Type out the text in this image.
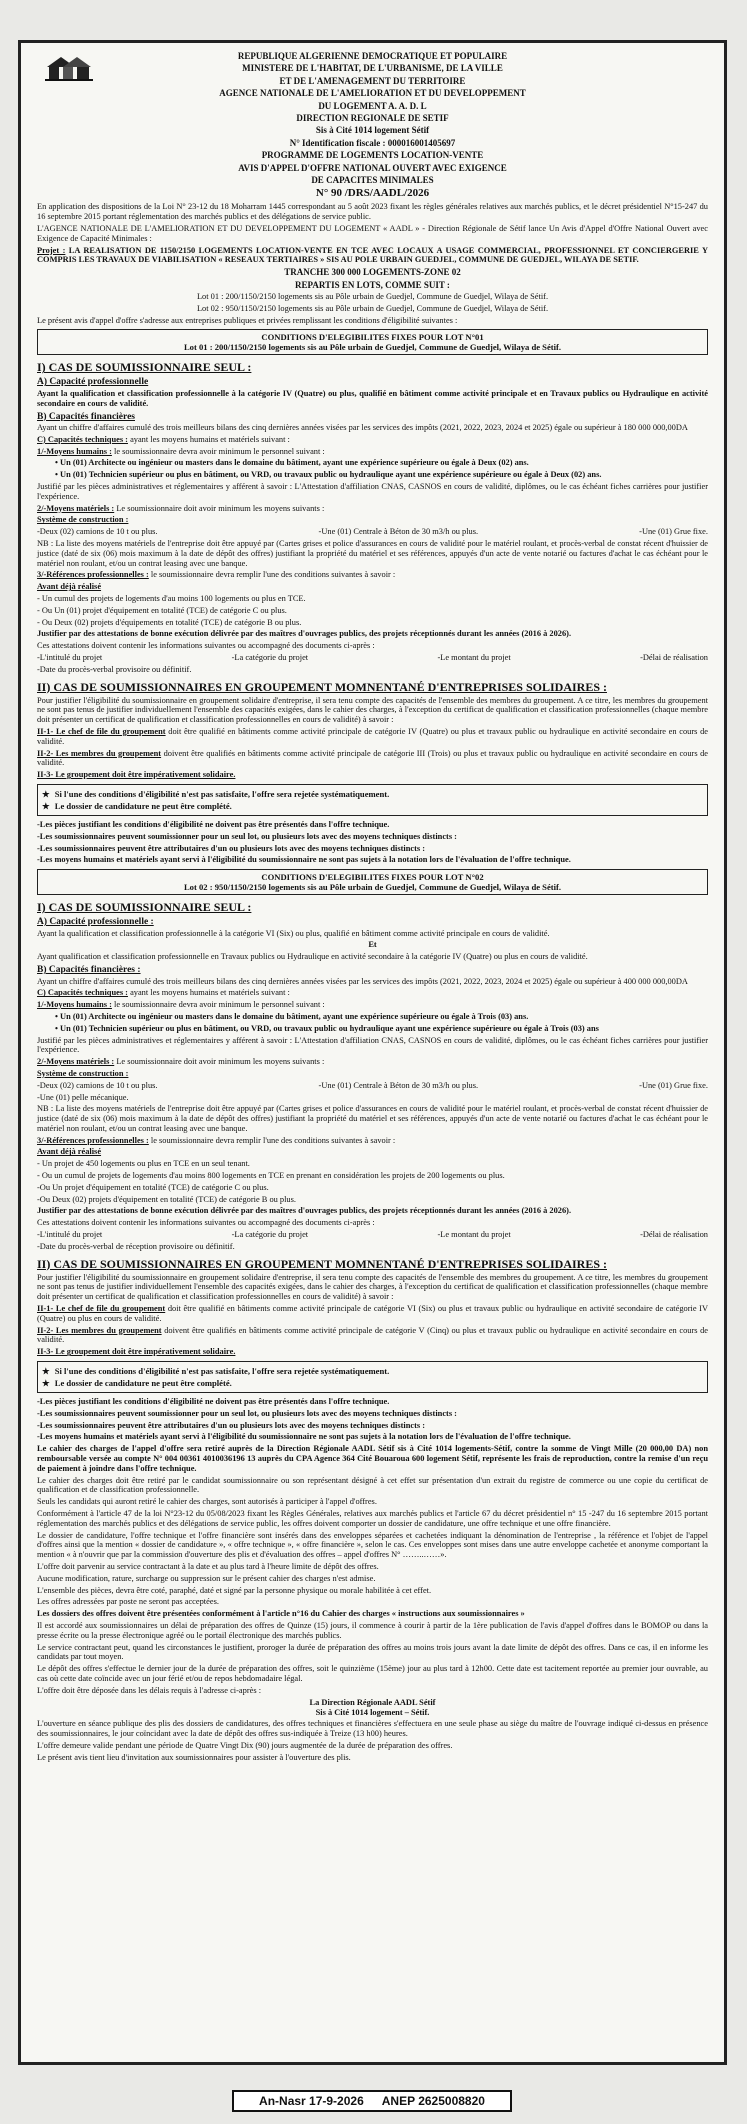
REPUBLIQUE ALGERIENNE DEMOCRATIQUE ET POPULAIRE
MINISTERE DE L'HABITAT, DE L'URBANISME, DE LA VILLE
ET DE L'AMENAGEMENT DU TERRITOIRE
AGENCE NATIONALE DE L'AMELIORATION ET DU DEVELOPPEMENT
DU LOGEMENT A. A. D. L
DIRECTION REGIONALE DE SETIF
Sis à Cité 1014 logement Sétif
N° Identification fiscale : 000016001405697
PROGRAMME DE LOGEMENTS LOCATION-VENTE
AVIS D'APPEL D'OFFRE NATIONAL OUVERT AVEC EXIGENCE
DE CAPACITES MINIMALES
N° 90 /DRS/AADL/2026
En application des dispositions de la Loi N° 23-12 du 18 Moharram 1445 correspondant au 5 août 2023 fixant les règles générales relatives aux marchés publics, et le décret présidentiel N°15-247 du 16 septembre 2015 portant réglementation des marchés publics et des délégations de service public.
L'AGENCE NATIONALE DE L'AMELIORATION ET DU DEVELOPPEMENT DU LOGEMENT « AADL » - Direction Régionale de Sétif lance Un Avis d'Appel d'Offre National Ouvert avec Exigence de Capacité Minimales :
Projet : LA REALISATION DE 1150/2150 LOGEMENTS LOCATION-VENTE EN TCE AVEC LOCAUX A USAGE COMMERCIAL, PROFESSIONNEL ET CONCIERGERIE Y COMPRIS LES TRAVAUX DE VIABILISATION « RESEAUX TERTIAIRES » SIS AU POLE URBAIN GUEDJEL, COMMUNE DE GUEDJEL, WILAYA DE SETIF.
TRANCHE 300 000 LOGEMENTS-ZONE 02
REPARTIS EN LOTS, COMME SUIT :
Lot 01 : 200/1150/2150 logements sis au Pôle urbain de Guedjel, Commune de Guedjel, Wilaya de Sétif.
Lot 02 : 950/1150/2150 logements sis au Pôle urbain de Guedjel, Commune de Guedjel, Wilaya de Sétif.
Le présent avis d'appel d'offre s'adresse aux entreprises publiques et privées remplissant les conditions d'éligibilité suivantes :
CONDITIONS D'ELEGIBILITES FIXES POUR LOT N°01
Lot 01 : 200/1150/2150 logements sis au Pôle urbain de Guedjel, Commune de Guedjel, Wilaya de Sétif.
I) CAS DE SOUMISSIONNAIRE SEUL :
A) Capacité professionnelle
Ayant la qualification et classification professionnelle à la catégorie IV (Quatre) ou plus, qualifié en bâtiment comme activité principale et en Travaux publics ou Hydraulique en activité secondaire en cours de validité.
B) Capacités financières
Ayant un chiffre d'affaires cumulé des trois meilleurs bilans des cinq dernières années visées par les services des impôts (2021, 2022, 2023, 2024 et 2025) égale ou supérieur à 180 000 000,00DA
C) Capacités techniques : ayant les moyens humains et matériels suivant :
1/-Moyens humains : le soumissionnaire devra avoir minimum le personnel suivant :
• Un (01) Architecte ou ingénieur ou masters dans le domaine du bâtiment, ayant une expérience supérieure ou égale à Deux (02) ans.
• Un (01) Technicien supérieur ou plus en bâtiment, ou VRD, ou travaux public ou hydraulique ayant une expérience supérieure ou égale à Deux (02) ans.
Justifié par les pièces administratives et réglementaires y afférent à savoir : L'Attestation d'affiliation CNAS, CASNOS en cours de validité, diplômes, ou le cas échéant fiches carrières pour justifier l'expérience.
2/-Moyens matériels : Le soumissionnaire doit avoir minimum les moyens suivants :
Système de construction :
-Deux (02) camions de 10 t ou plus.	-Une (01) Centrale à Béton de 30 m3/h ou plus.	-Une (01) Grue fixe.
NB : La liste des moyens matériels de l'entreprise doit être appuyé par (Cartes grises et police d'assurances en cours de validité pour le matériel roulant, et procès-verbal de constat récent d'huissier de justice (daté de six (06) mois maximum à la date de dépôt des offres) justifiant la propriété du matériel et ses références, appuyés d'un acte de vente notarié ou factures d'achat le cas échéant pour le matériel non roulant, et/ou un contrat leasing avec une banque.
3/-Références professionnelles : le soumissionnaire devra remplir l'une des conditions suivantes à savoir :
Avant déjà réalisé
- Un cumul des projets de logements d'au moins 100 logements ou plus en TCE.
- Ou Un (01) projet d'équipement en totalité (TCE) de catégorie C ou plus.
- Ou Deux (02) projets d'équipements en totalité (TCE) de catégorie B ou plus.
Justifier par des attestations de bonne exécution délivrée par des maîtres d'ouvrages publics, des projets réceptionnés durant les années (2016 à 2026).
Ces attestations doivent contenir les informations suivantes ou accompagné des documents ci-après :
-L'intitulé du projet	-La catégorie du projet	-Le montant du projet	-Délai de réalisation
-Date du procès-verbal provisoire ou définitif.
II) CAS DE SOUMISSIONNAIRES EN GROUPEMENT MOMNENTANÉ D'ENTREPRISES SOLIDAIRES :
Pour justifier l'éligibilité du soumissionnaire en groupement solidaire d'entreprise, il sera tenu compte des capacités de l'ensemble des membres du groupement. A ce titre, les membres du groupement ne sont pas tenus de justifier individuellement l'ensemble des capacités exigées, dans le cahier des charges, à l'exception du certificat de qualification et classification professionnelles (chaque membre doit présenter un certificat de qualification et classification professionnelles en cours de validité) à savoir :
II-1- Le chef de file du groupement doit être qualifié en bâtiments comme activité principale de catégorie IV (Quatre) ou plus et travaux public ou hydraulique en activité secondaire en cours de validité.
II-2- Les membres du groupement doivent être qualifiés en bâtiments comme activité principale de catégorie III (Trois) ou plus et travaux public ou hydraulique en activité secondaire en cours de validité.
II-3- Le groupement doit être impérativement solidaire.
★ Si l'une des conditions d'éligibilité n'est pas satisfaite, l'offre sera rejetée systématiquement.
★ Le dossier de candidature ne peut être complété.
-Les pièces justifiant les conditions d'éligibilité ne doivent pas être présentés dans l'offre technique.
-Les soumissionnaires peuvent soumissionner pour un seul lot, ou plusieurs lots avec des moyens techniques distincts :
-Les soumissionnaires peuvent être attributaires d'un ou plusieurs lots avec des moyens techniques distincts :
-Les moyens humains et matériels ayant servi à l'éligibilité du soumissionnaire ne sont pas sujets à la notation lors de l'évaluation de l'offre technique.
CONDITIONS D'ELEGIBILITES FIXES POUR LOT N°02
Lot 02 : 950/1150/2150 logements sis au Pôle urbain de Guedjel, Commune de Guedjel, Wilaya de Sétif.
I) CAS DE SOUMISSIONNAIRE SEUL :
A) Capacité professionnelle :
Ayant la qualification et classification professionnelle à la catégorie VI (Six) ou plus, qualifié en bâtiment comme activité principale en cours de validité.
Et
Ayant qualification et classification professionnelle en Travaux publics ou Hydraulique en activité secondaire à la catégorie IV (Quatre) ou plus en cours de validité.
B) Capacités financières :
Ayant un chiffre d'affaires cumulé des trois meilleurs bilans des cinq dernières années visées par les services des impôts (2021, 2022, 2023, 2024 et 2025) égale ou supérieur à 400 000 000,00DA
C) Capacités techniques : ayant les moyens humains et matériels suivant :
1/-Moyens humains : le soumissionnaire devra avoir minimum le personnel suivant :
• Un (01) Architecte ou ingénieur ou masters dans le domaine du bâtiment, ayant une expérience supérieure ou égale à Trois (03) ans.
• Un (01) Technicien supérieur ou plus en bâtiment, ou VRD, ou travaux public ou hydraulique ayant une expérience supérieure ou égale à Trois (03) ans
Justifié par les pièces administratives et réglementaires y afférent à savoir : L'Attestation d'affiliation CNAS, CASNOS en cours de validité, diplômes, ou le cas échéant fiches carrières pour justifier l'expérience.
2/-Moyens matériels : Le soumissionnaire doit avoir minimum les moyens suivants :
Système de construction :
-Deux (02) camions de 10 t ou plus.	-Une (01) Centrale à Béton de 30 m3/h ou plus.	-Une (01) Grue fixe.
-Une (01) pelle mécanique.
NB : La liste des moyens matériels de l'entreprise doit être appuyé par (Cartes grises et police d'assurances en cours de validité pour le matériel roulant, et procès-verbal de constat récent d'huissier de justice (daté de six (06) mois maximum à la date de dépôt des offres) justifiant la propriété du matériel et ses références, appuyés d'un acte de vente notarié ou factures d'achat le cas échéant pour le matériel non roulant, et/ou un contrat leasing avec une banque.
3/-Références professionnelles : le soumissionnaire devra remplir l'une des conditions suivantes à savoir :
Avant déjà réalisé
- Un projet de 450 logements ou plus en TCE en un seul tenant.
- Ou un cumul de projets de logements d'au moins 800 logements en TCE en prenant en considération les projets de 200 logements ou plus.
-Ou Un projet d'équipement en totalité (TCE) de catégorie C ou plus.
-Ou Deux (02) projets d'équipement en totalité (TCE) de catégorie B ou plus.
Justifier par des attestations de bonne exécution délivrée par des maîtres d'ouvrages publics, des projets réceptionnés durant les années (2016 à 2026).
Ces attestations doivent contenir les informations suivantes ou accompagné des documents ci-après :
-L'intitulé du projet	-La catégorie du projet	-Le montant du projet	-Délai de réalisation
-Date du procès-verbal de réception provisoire ou définitif.
II) CAS DE SOUMISSIONNAIRES EN GROUPEMENT MOMNENTANÉ D'ENTREPRISES SOLIDAIRES :
Pour justifier l'éligibilité du soumissionnaire en groupement solidaire d'entreprise, il sera tenu compte des capacités de l'ensemble des membres du groupement. A ce titre, les membres du groupement ne sont pas tenus de justifier individuellement l'ensemble des capacités exigées, dans le cahier des charges, à l'exception du certificat de qualification et classification professionnelles (chaque membre doit présenter un certificat de qualification et classification professionnelles en cours de validité) à savoir :
II-1- Le chef de file du groupement doit être qualifié en bâtiments comme activité principale de catégorie VI (Six) ou plus et travaux public ou hydraulique en activité secondaire de catégorie IV (Quatre) ou plus en cours de validité.
II-2- Les membres du groupement doivent être qualifiés en bâtiments comme activité principale de catégorie V (Cinq) ou plus et travaux public ou hydraulique en activité secondaire en cours de validité.
II-3- Le groupement doit être impérativement solidaire.
★ Si l'une des conditions d'éligibilité n'est pas satisfaite, l'offre sera rejetée systématiquement.
★ Le dossier de candidature ne peut être complété.
-Les pièces justifiant les conditions d'éligibilité ne doivent pas être présentés dans l'offre technique.
-Les soumissionnaires peuvent soumissionner pour un seul lot, ou plusieurs lots avec des moyens techniques distincts :
-Les soumissionnaires peuvent être attributaires d'un ou plusieurs lots avec des moyens techniques distincts :
-Les moyens humains et matériels ayant servi à l'éligibilité du soumissionnaire ne sont pas sujets à la notation lors de l'évaluation de l'offre technique.
Le cahier des charges de l'appel d'offre sera retiré auprès de la Direction Régionale AADL Sétif sis à Cité 1014 logements-Sétif, contre la somme de Vingt Mille (20 000,00 DA) non remboursable versée au compte N° 004 00361 4010036196 13 auprès du CPA Agence 364 Cité Bouaroua 600 logement Sétif, représente les frais de reproduction, contre la remise d'un reçu de paiement à joindre dans l'offre technique.
Le cahier des charges doit être retiré par le candidat soumissionnaire ou son représentant désigné à cet effet sur présentation d'un extrait du registre de commerce ou une copie du certificat de qualification et de classification professionnelle.
Seuls les candidats qui auront retiré le cahier des charges, sont autorisés à participer à l'appel d'offres.
Conformément à l'article 47 de la loi N°23-12 du 05/08/2023 fixant les Règles Générales, relatives aux marchés publics et l'article 67 du décret présidentiel n° 15 -247 du 16 septembre 2015 portant réglementation des marchés publics et des délégations de service public, les offres doivent comporter un dossier de candidature, une offre technique et une offre financière.
Le dossier de candidature, l'offre technique et l'offre financière sont insérés dans des enveloppes séparées et cachetées indiquant la dénomination de l'entreprise , la référence et l'objet de l'appel d'offres ainsi que la mention « dossier de candidature », « offre technique », « offre financière », selon le cas. Ces enveloppes sont mises dans une autre enveloppe cachetée et anonyme comportant la mention « à n'ouvrir que par la commission d'ouverture des plis et d'évaluation des offres – appel d'offres N° ……..……».
L'offre doit parvenir au service contractant à la date et au plus tard à l'heure limite de dépôt des offres.
Aucune modification, rature, surcharge ou suppression sur le présent cahier des charges n'est admise.
L'ensemble des pièces, devra être coté, paraphé, daté et signé par la personne physique ou morale habilitée à cet effet.
Les offres adressées par poste ne seront pas acceptées.
Les dossiers des offres doivent être présentées conformément à l'article n°16 du Cahier des charges « instructions aux soumissionnaires »
Il est accordé aux soumissionnaires un délai de préparation des offres de Quinze (15) jours, il commence à courir à partir de la 1ère publication de l'avis d'appel d'offres dans le BOMOP ou dans la presse écrite ou la presse électronique agréé ou le portail électronique des marchés publics.
Le service contractant peut, quand les circonstances le justifient, proroger la durée de préparation des offres au moins trois jours avant la date limite de dépôt des offres. Dans ce cas, il en informe les candidats par tout moyen.
Le dépôt des offres s'effectue le dernier jour de la durée de préparation des offres, soit le quinzième (15ème) jour au plus tard à 12h00. Cette date est tacitement reportée au premier jour ouvrable, au cas où cette date coïncide avec un jour férié et/ou de repos hebdomadaire légal.
L'offre doit être déposée dans les délais requis à l'adresse ci-après :
La Direction Régionale AADL Sétif
Sis à Cité 1014 logement – Sétif.
L'ouverture en séance publique des plis des dossiers de candidatures, des offres techniques et financières s'effectuera en une seule phase au siège du maître de l'ouvrage indiqué ci-dessus en présence des soumissionnaires, le jour coïncidant avec la date de dépôt des offres sus-indiquée à Treize (13 h00) heures.
L'offre demeure valide pendant une période de Quatre Vingt Dix (90) jours augmentée de la durée de préparation des offres.
Le présent avis tient lieu d'invitation aux soumissionnaires pour assister à l'ouverture des plis.
An-Nasr 17-9-2026 ANEP 2625008820
